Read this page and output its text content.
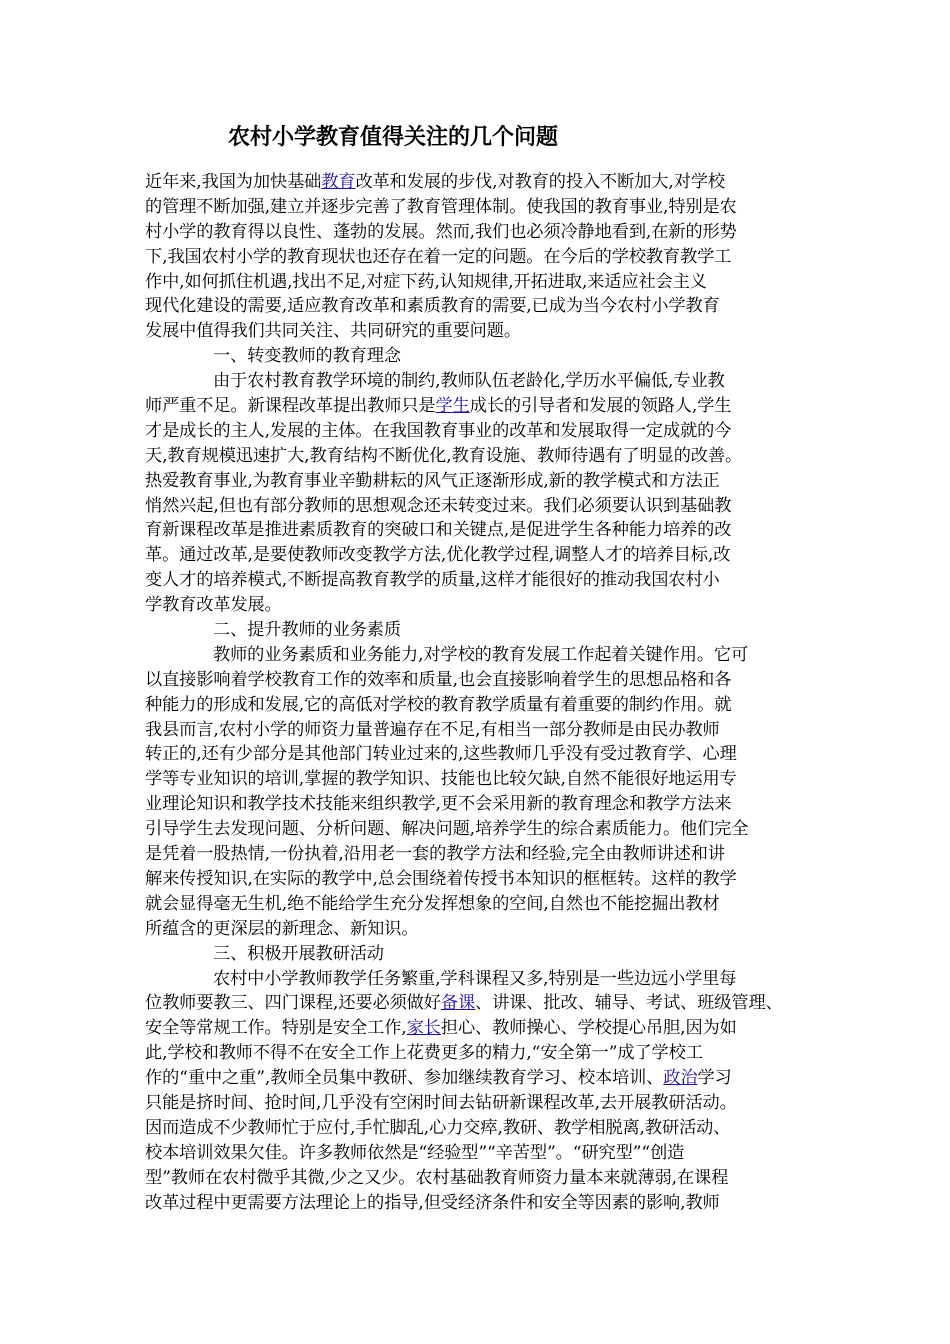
农村小学教育值得关注的几个问题
近年来,我国为加快基础教育改革和发展的步伐,对教育的投入不断加大,对学校
的管理不断加强,建立并逐步完善了教育管理体制。使我国的教育事业,特别是农
村小学的教育得以良性、蓬勃的发展。然而,我们也必须冷静地看到,在新的形势
下,我国农村小学的教育现状也还存在着一定的问题。在今后的学校教育教学工
作中,如何抓住机遇,找出不足,对症下药,认知规律,开拓进取,来适应社会主义
现代化建设的需要,适应教育改革和素质教育的需要,已成为当今农村小学教育
发展中值得我们共同关注、共同研究的重要问题。
一、转变教师的教育理念
由于农村教育教学环境的制约,教师队伍老龄化,学历水平偏低,专业教
师严重不足。新课程改革提出教师只是学生成长的引导者和发展的领路人,学生
才是成长的主人,发展的主体。在我国教育事业的改革和发展取得一定成就的今
天,教育规模迅速扩大,教育结构不断优化,教育设施、教师待遇有了明显的改善。
热爱教育事业,为教育事业辛勤耕耘的风气正逐渐形成,新的教学模式和方法正
悄然兴起,但也有部分教师的思想观念还未转变过来。我们必须要认识到基础教
育新课程改革是推进素质教育的突破口和关键点,是促进学生各种能力培养的改
革。通过改革,是要使教师改变教学方法,优化教学过程,调整人才的培养目标,改
变人才的培养模式,不断提高教育教学的质量,这样才能很好的推动我国农村小
学教育改革发展。
二、提升教师的业务素质
教师的业务素质和业务能力,对学校的教育发展工作起着关键作用。它可
以直接影响着学校教育工作的效率和质量,也会直接影响着学生的思想品格和各
种能力的形成和发展,它的高低对学校的教育教学质量有着重要的制约作用。就
我县而言,农村小学的师资力量普遍存在不足,有相当一部分教师是由民办教师
转正的,还有少部分是其他部门转业过来的,这些教师几乎没有受过教育学、心理
学等专业知识的培训,掌握的教学知识、技能也比较欠缺,自然不能很好地运用专
业理论知识和教学技术技能来组织教学,更不会采用新的教育理念和教学方法来
引导学生去发现问题、分析问题、解决问题,培养学生的综合素质能力。他们完全
是凭着一股热情,一份执着,沿用老一套的教学方法和经验,完全由教师讲述和讲
解来传授知识,在实际的教学中,总会围绕着传授书本知识的框框转。这样的教学
就会显得毫无生机,绝不能给学生充分发挥想象的空间,自然也不能挖掘出教材
所蕴含的更深层的新理念、新知识。
三、积极开展教研活动
农村中小学教师教学任务繁重,学科课程又多,特别是一些边远小学里每
位教师要教三、四门课程,还要必须做好备课、讲课、批改、辅导、考试、班级管理、
安全等常规工作。特别是安全工作,家长担心、教师操心、学校提心吊胆,因为如
此,学校和教师不得不在安全工作上花费更多的精力,“安全第一”成了学校工
作的“重中之重”,教师全员集中教研、参加继续教育学习、校本培训、政治学习
只能是挤时间、抢时间,几乎没有空闲时间去钻研新课程改革,去开展教研活动。
因而造成不少教师忙于应付,手忙脚乱,心力交瘁,教研、教学相脱离,教研活动、
校本培训效果欠佳。许多教师依然是“经验型”“辛苦型”。“研究型”“创造
型”教师在农村微乎其微,少之又少。农村基础教育师资力量本来就薄弱,在课程
改革过程中更需要方法理论上的指导,但受经济条件和安全等因素的影响,教师
